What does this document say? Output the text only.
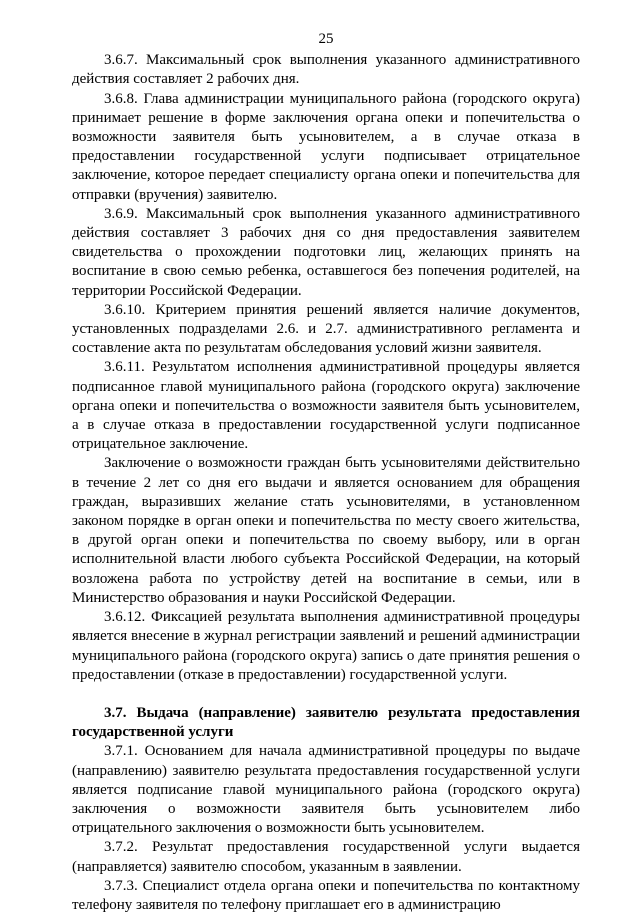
25

3.6.7. Максимальный срок выполнения указанного административного действия составляет 2 рабочих дня.

3.6.8. Глава администрации муниципального района (городского округа) принимает решение в форме заключения органа опеки и попечительства о возможности заявителя быть усыновителем, а в случае отказа в предоставлении государственной услуги подписывает отрицательное заключение, которое передает специалисту органа опеки и попечительства для отправки (вручения) заявителю.

3.6.9. Максимальный срок выполнения указанного административного действия составляет 3 рабочих дня со дня предоставления заявителем свидетельства о прохождении подготовки лиц, желающих принять на воспитание в свою семью ребенка, оставшегося без попечения родителей, на территории Российской Федерации.

3.6.10. Критерием принятия решений является наличие документов, установленных подразделами 2.6. и 2.7. административного регламента и составление акта по результатам обследования условий жизни заявителя.

3.6.11. Результатом исполнения административной процедуры является подписанное главой муниципального района (городского округа) заключение органа опеки и попечительства о возможности заявителя быть усыновителем, а в случае отказа в предоставлении государственной услуги подписанное отрицательное заключение.

Заключение о возможности граждан быть усыновителями действительно в течение 2 лет со дня его выдачи и является основанием для обращения граждан, выразивших желание стать усыновителями, в установленном законом порядке в орган опеки и попечительства по месту своего жительства, в другой орган опеки и попечительства по своему выбору, или в орган исполнительной власти любого субъекта Российской Федерации, на который возложена работа по устройству детей на воспитание в семьи, или в Министерство образования и науки Российской Федерации.

3.6.12. Фиксацией результата выполнения административной процедуры является внесение в журнал регистрации заявлений и решений администрации муниципального района (городского округа) запись о дате принятия решения о предоставлении (отказе в предоставлении) государственной услуги.

3.7. Выдача (направление) заявителю результата предоставления государственной услуги

3.7.1. Основанием для начала административной процедуры по выдаче (направлению) заявителю результата предоставления государственной услуги является подписание главой муниципального района (городского округа) заключения о возможности заявителя быть усыновителем либо отрицательного заключения о возможности быть усыновителем.

3.7.2. Результат предоставления государственной услуги выдается (направляется) заявителю способом, указанным в заявлении.

3.7.3. Специалист отдела органа опеки и попечительства по контактному телефону заявителя по телефону приглашает его в администрацию
